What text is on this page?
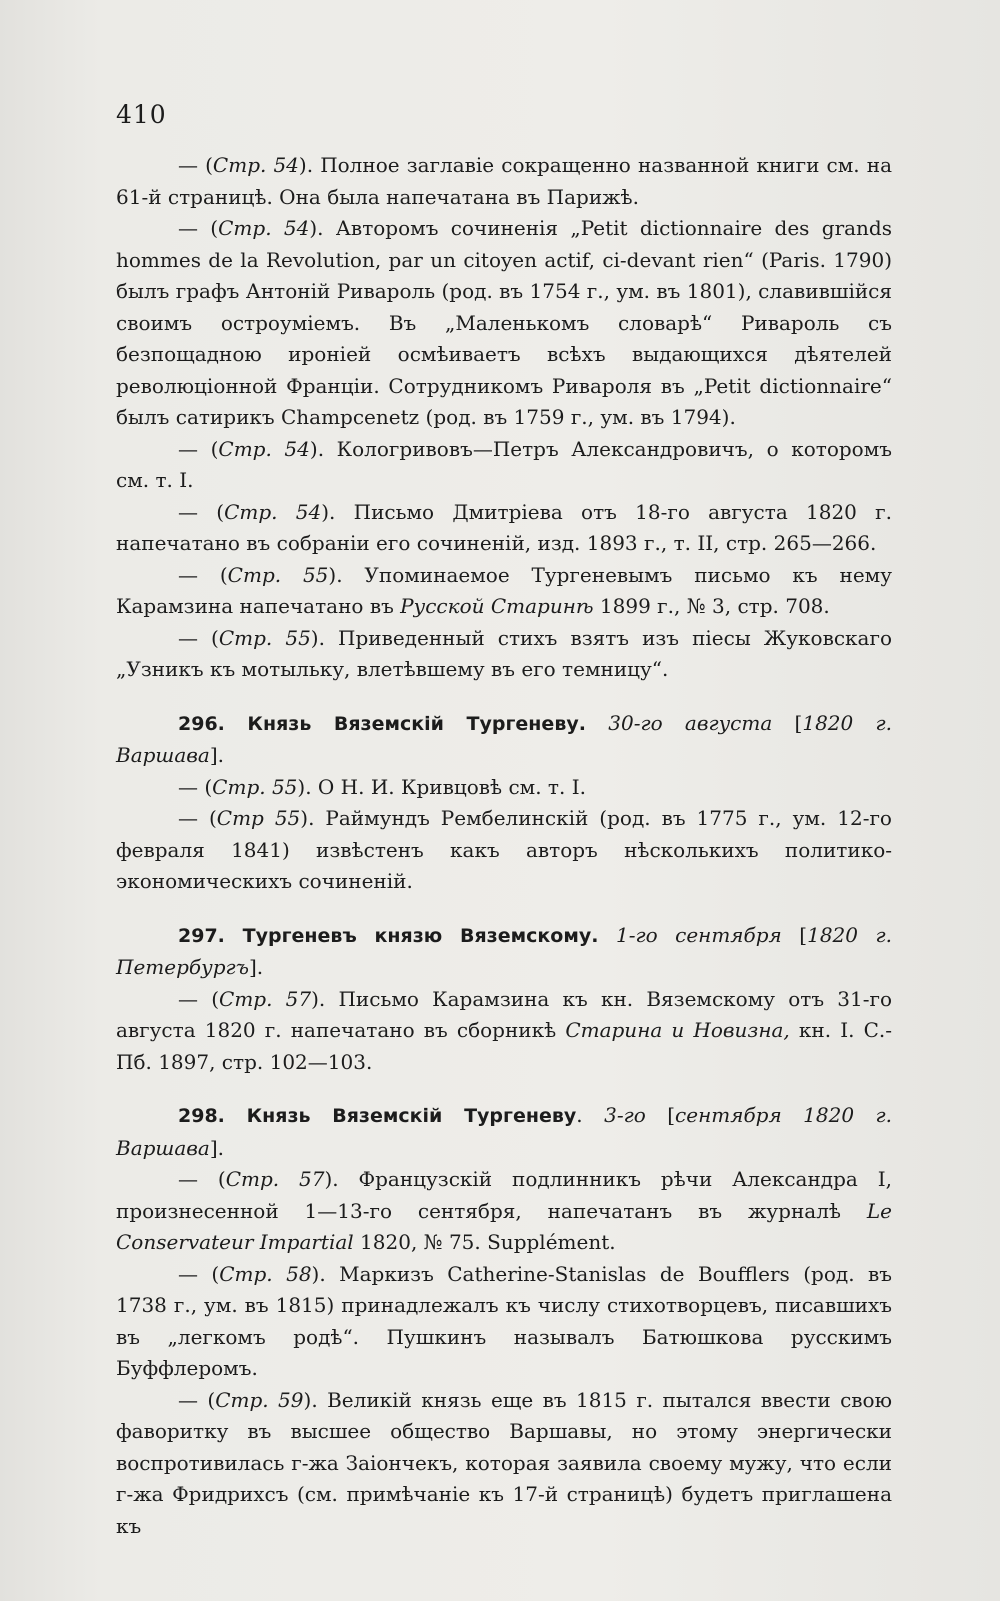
410

— (Cmp. 54). Полное заглавіе сокращенно названной книги см. на 61-й страницѣ. Она была напечатана въ Парижѣ.

— (Cmp. 54). Авторомъ сочиненія „Petit dictionnaire des grands hommes de la Revolution, par un citoyen actif, ci-devant rien“ (Paris. 1790) былъ графъ Антоній Ривароль (род. въ 1754 г., ум. въ 1801), славившійся своимъ остроуміемъ. Въ „Маленькомъ словарѣ“ Ривароль съ безпощадною ироніей осмѣиваетъ всѣхъ выдающихся дѣятелей революціонной Франціи. Сотрудникомъ Ривароля въ „Petit dictionnaire“ былъ сатирикъ Champcenetz (род. въ 1759 г., ум. въ 1794).

— (Cmp. 54). Кологривовъ—Петръ Александровичъ, о которомъ см. т. I.

— (Cmp. 54). Письмо Дмитріева отъ 18-го августа 1820 г. напечатано въ собраніи его сочиненій, изд. 1893 г., т. II, стр. 265—266.

— (Cmp. 55). Упоминаемое Тургеневымъ письмо къ нему Карамзина напечатано въ Русской Старинѣ 1899 г., № 3, стр. 708.

— (Cmp. 55). Приведенный стихъ взятъ изъ піесы Жуковскаго „Узникъ къ мотыльку, влетѣвшему въ его темницу“.

296. Князь Вяземскій Тургеневу. 30-го августа [1820 г. Варшава].

— (Cmp. 55). О Н. И. Кривцовѣ см. т. I.

— (Cmp 55). Раймундъ Рембелинскій (род. въ 1775 г., ум. 12-го февраля 1841) извѣстенъ какъ авторъ нѣсколькихъ политико-экономическихъ сочиненій.

297. Тургеневъ князю Вяземскому. 1-го сентября [1820 г. Петербургъ].

— (Cmp. 57). Письмо Карамзина къ кн. Вяземскому отъ 31-го августа 1820 г. напечатано въ сборникѣ Старина и Новизна, кн. I. С.-Пб. 1897, стр. 102—103.

298. Князь Вяземскій Тургеневу. 3-го [сентября 1820 г. Варшава].

— (Cmp. 57). Французскій подлинникъ рѣчи Александра I, произнесенной 1—13-го сентября, напечатанъ въ журналѣ Le Conservateur Impartial 1820, № 75. Supplément.

— (Cmp. 58). Маркизъ Catherine-Stanislas de Boufflers (род. въ 1738 г., ум. въ 1815) принадлежалъ къ числу стихотворцевъ, писавшихъ въ „легкомъ родѣ“. Пушкинъ называлъ Батюшкова русскимъ Буффлеромъ.

— (Cmp. 59). Великій князь еще въ 1815 г. пытался ввести свою фаворитку въ высшее общество Варшавы, но этому энергически воспротивилась г-жа Заіончекъ, которая заявила своему мужу, что если г-жа Фридрихсъ (см. примѣчаніе къ 17-й страницѣ) будетъ приглашена къ
